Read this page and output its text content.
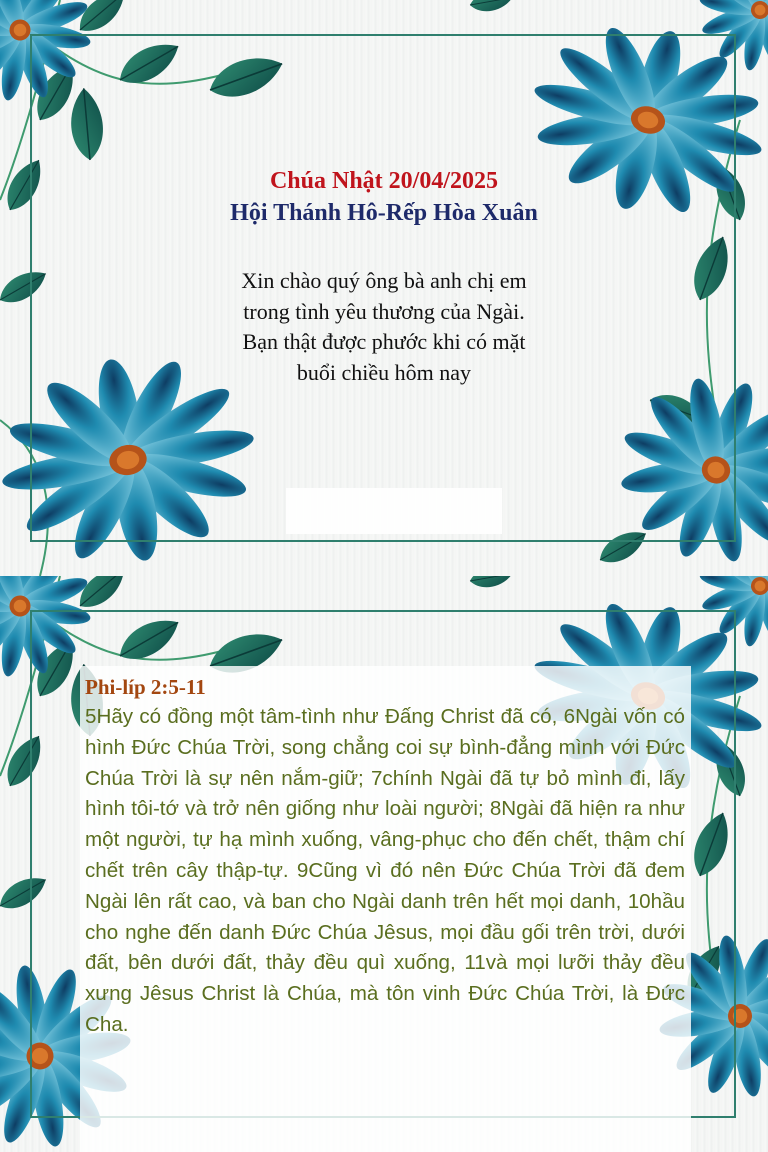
Chúa Nhật 20/04/2025
Hội Thánh Hô-Rếp Hòa Xuân
Xin chào quý ông bà anh chị em
trong tình yêu thương của Ngài.
Bạn thật được phước khi có mặt
buổi chiều hôm nay
Phi-líp 2:5-11

5Hãy có đồng một tâm-tình như Đấng Christ đã có, 6Ngài vốn có hình Đức Chúa Trời, song chẳng coi sự bình-đẳng mình với Đức Chúa Trời là sự nên nắm-giữ; 7chính Ngài đã tự bỏ mình đi, lấy hình tôi-tớ và trở nên giống như loài người; 8Ngài đã hiện ra như một người, tự hạ mình xuống, vâng-phục cho đến chết, thậm chí chết trên cây thập-tự. 9Cũng vì đó nên Đức Chúa Trời đã đem Ngài lên rất cao, và ban cho Ngài danh trên hết mọi danh, 10hầu cho nghe đến danh Đức Chúa Jêsus, mọi đầu gối trên trời, dưới đất, bên dưới đất, thảy đều quì xuống, 11và mọi lưỡi thảy đều xưng Jêsus Christ là Chúa, mà tôn vinh Đức Chúa Trời, là Đức Cha.
